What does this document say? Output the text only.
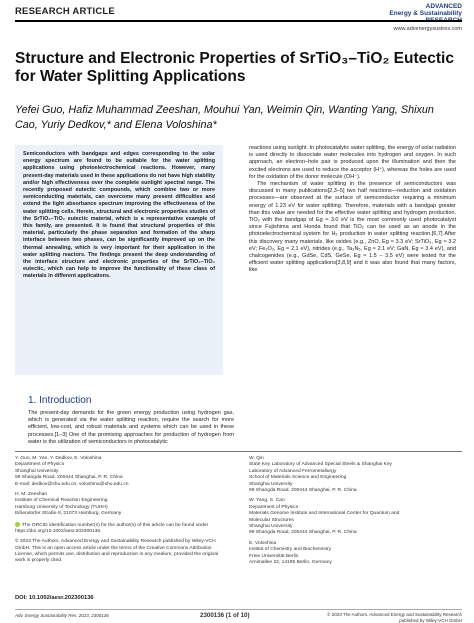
RESEARCH ARTICLE	ADVANCED
Energy & Sustainability
www.advenergysustres.com
Structure and Electronic Properties of SrTiO₃–TiO₂ Eutectic for Water Splitting Applications

Yefei Guo, Hafiz Muhammad Zeeshan, Mouhui Yan, Weimin Qin, Wanting Yang, Shixun Cao, Yuriy Dedkov,* and Elena Voloshina*

Semiconductors with bandgaps and edges corresponding to the solar energy spectrum are found to be suitable for the water splitting applications using photoelectrochemical reactions. However, many present-day materials used in these applications do not have high stability and/or high effectiveness over the complete sunlight spectral range. The recently proposed eutectic compounds, which combine two or more semiconducting materials, can overcome many present difficulties and extend the light absorbance spectrum improving the effectiveness of the water splitting cells. Herein, structural and electronic properties studies of the SrTiO₃–TiO₂ eutectic material, which is a representative example of this family, are presented. It is found that structural properties of this material, particularly the phase separation and formation of the sharp interface between two phases, can be significantly improved up on the thermal annealing, which is very important for their application in the water splitting reactors. The findings present the deep understanding of the interface structure and electronic properties of the SrTiO₃–TiO₂ eutectic, which can help to improve the functionality of these class of materials in different applications.

1. Introduction

The present-day demands for the green energy production using hydrogen gas, which is generated via the water splitting reaction, require the search for more efficient, low-cost, and robust materials and systems which can be used in these processes.[1–3] One of the promising approaches for production of hydrogen from water is the utilization of semiconductors in photocatalytic

reactions using sunlight. In photocatalytic water splitting, the energy of solar radiation is used directly to dissociate water molecules into hydrogen and oxygen. In such approach, an electron–hole pair is produced upon the illumination and then the excited electrons are used to reduce the acceptor (H⁺), whereas the holes are used for the oxidation of the donor molecule (OH⁻).

The mechanism of water splitting in the presence of semiconductors was discussed in many publications[2,3–5] two half reactions—reduction and oxidation processes—are observed at the surface of semiconductor requiring a minimum energy of 1.23 eV for water splitting. Therefore, materials with a bandgap greater than this value are needed for the effective water splitting and hydrogen production. TiO₂ with the bandgap of Eg ≈ 3.0 eV is the most commonly used photocatalyst since Fujishima and Honda found that TiO₂ can be used as an anode in the photoelectrochemical system for H₂ production in water splitting reaction.[6,7] After this discovery many materials, like oxides (e.g., ZnO, Eg ≈ 3.3 eV; SrTiO₃, Eg ≈ 3.2 eV; Fe₂O₃, Eg ≈ 2.1 eV), nitrides (e.g., Ta₃N₅, Eg ≈ 2.1 eV; GaN, Eg ≈ 3.4 eV), and chalcogenides (e.g., GdSe, CdS, GeSe, Eg ≈ 1.5 – 3.5 eV) were tested for the efficient water splitting applications[3,8,9] and it was also found that many factors, like

Y. Guo, M. Yan, Y. Dedkov, E. Voloshina
Department of Physics
Shanghai University
99 Shangda Road, 200444 Shanghai, P. R. China
E-mail: dedkov@shu.edu.cn; voloshina@shu.edu.cn
H. M. Zeeshan
Institute of Chemical Reaction Engineering
Hamburg University of Technology (TUHH)
Eißendorfer Straße 8, 21073 Hamburg, Germany
The ORCID identification number(s) for the author(s) of this article can be found under https://doi.org/10.1002/aesr.202300136.
© 2023 The Authors. Advanced Energy and Sustainability Research published by Wiley-VCH GmbH. This is an open access article under the terms of the Creative Commons Attribution License, which permits use, distribution and reproduction in any medium, provided the original work is properly cited.
W. Qin
State Key Laboratory of Advanced Special Steels & Shanghai Key
Laboratory of Advanced Ferrometallurgy
School of Materials Science and Engineering
Shanghai University
99 Shangda Road, 200444 Shanghai, P. R. China
W. Yang, S. Cao
Department of Physics
Materials Genome Institute and International Center for Quantum and
Molecular Structures
Shanghai University
99 Shangda Road, 200444 Shanghai, P. R. China
E. Voloshina
Institut of Chemistry and Biochemistry
Freie Universität Berlin
Arnimallee 22, 14195 Berlin, Germany
DOI: 10.1002/aesr.202300136
Adv. Energy Sustainability Res. 2023, 2300136	2300136 (1 of 10)	© 2023 The Authors. Advanced Energy and Sustainability Research
published by Wiley-VCH GmbH
